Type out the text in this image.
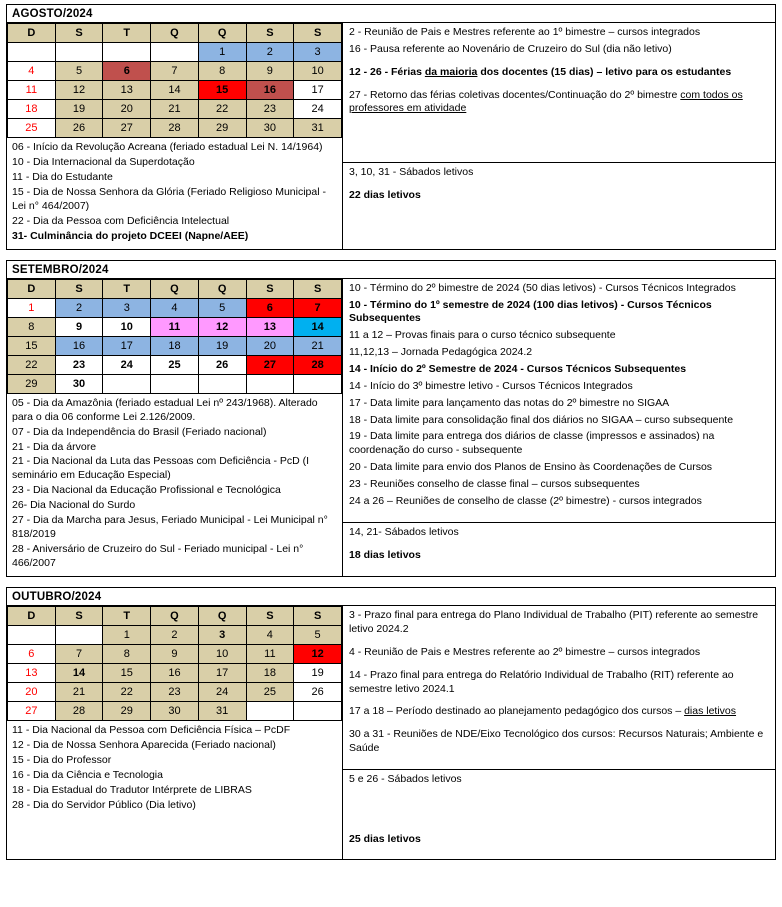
AGOSTO/2024
D	S	T	Q	Q	S	S
				1	2	3
4	5	6	7	8	9	10
11	12	13	14	15	16	17
18	19	20	21	22	23	24
25	26	27	28	29	30	31
06 - Início da Revolução Acreana (feriado estadual Lei N. 14/1964)
10 - Dia Internacional da Superdotação
11 - Dia do Estudante
15 - Dia de Nossa Senhora da Glória (Feriado Religioso Municipal - Lei n° 464/2007)
22 - Dia da Pessoa com Deficiência Intelectual
31- Culminância do projeto DCEEI (Napne/AEE)

2 - Reunião de Pais e Mestres referente ao 1º bimestre – cursos integrados

16 - Pausa referente ao Novenário de Cruzeiro do Sul (dia não letivo)

12 - 26 - Férias da maioria dos docentes (15 dias) – letivo para os estudantes

27 - Retorno das férias coletivas docentes/Continuação do 2º bimestre com todos os professores em atividade

3, 10, 31 - Sábados letivos

22 dias letivos

SETEMBRO/2024
D	S	T	Q	Q	S	S
1	2	3	4	5	6	7
8	9	10	11	12	13	14
15	16	17	18	19	20	21
22	23	24	25	26	27	28
29	30					
05 - Dia da Amazônia (feriado estadual Lei nº 243/1968). Alterado para o dia 06 conforme Lei 2.126/2009.
07 - Dia da Independência do Brasil (Feriado nacional)
21 - Dia da árvore
21 - Dia Nacional da Luta das Pessoas com Deficiência - PcD (I seminário em Educação Especial)
23 - Dia Nacional da Educação Profissional e Tecnológica
26- Dia Nacional do Surdo
27 - Dia da Marcha para Jesus, Feriado Municipal - Lei Municipal n° 818/2019
28 - Aniversário de Cruzeiro do Sul - Feriado municipal - Lei n° 466/2007

10 - Término do 2º bimestre de 2024 (50 dias letivos) - Cursos Técnicos Integrados

10 - Término do 1º semestre de 2024 (100 dias letivos) - Cursos Técnicos Subsequentes

11 a 12 – Provas finais para o curso técnico subsequente

11,12,13 – Jornada Pedagógica 2024.2

14 - Início do 2º Semestre de 2024 - Cursos Técnicos Subsequentes

14 - Início do 3º bimestre letivo - Cursos Técnicos Integrados

17 - Data limite para lançamento das notas do 2º bimestre no SIGAA

18 - Data limite para consolidação final dos diários no SIGAA – curso subsequente

19 - Data limite para entrega dos diários de classe (impressos e assinados) na coordenação do curso - subsequente

20 - Data limite para envio dos Planos de Ensino às Coordenações de Cursos

23 - Reuniões conselho de classe final – cursos subsequentes

24 a 26 – Reuniões de conselho de classe (2º bimestre) - cursos integrados

14, 21- Sábados letivos

18 dias letivos

OUTUBRO/2024
D	S	T	Q	Q	S	S
		1	2	3	4	5
6	7	8	9	10	11	12
13	14	15	16	17	18	19
20	21	22	23	24	25	26
27	28	29	30	31		
11 - Dia Nacional da Pessoa com Deficiência Física – PcDF
12 - Dia de Nossa Senhora Aparecida (Feriado nacional)
15 - Dia do Professor
16 - Dia da Ciência e Tecnologia
18 - Dia Estadual do Tradutor Intérprete de LIBRAS
28 - Dia do Servidor Público (Dia letivo)

3 - Prazo final para entrega do Plano Individual de Trabalho (PIT) referente ao semestre letivo 2024.2

4 - Reunião de Pais e Mestres referente ao 2º bimestre – cursos integrados

14 - Prazo final para entrega do Relatório Individual de Trabalho (RIT) referente ao semestre letivo 2024.1

17 a 18 – Período destinado ao planejamento pedagógico dos cursos – dias letivos

30 a 31 - Reuniões de NDE/Eixo Tecnológico dos cursos: Recursos Naturais; Ambiente e Saúde

5 e 26 - Sábados letivos

25 dias letivos
